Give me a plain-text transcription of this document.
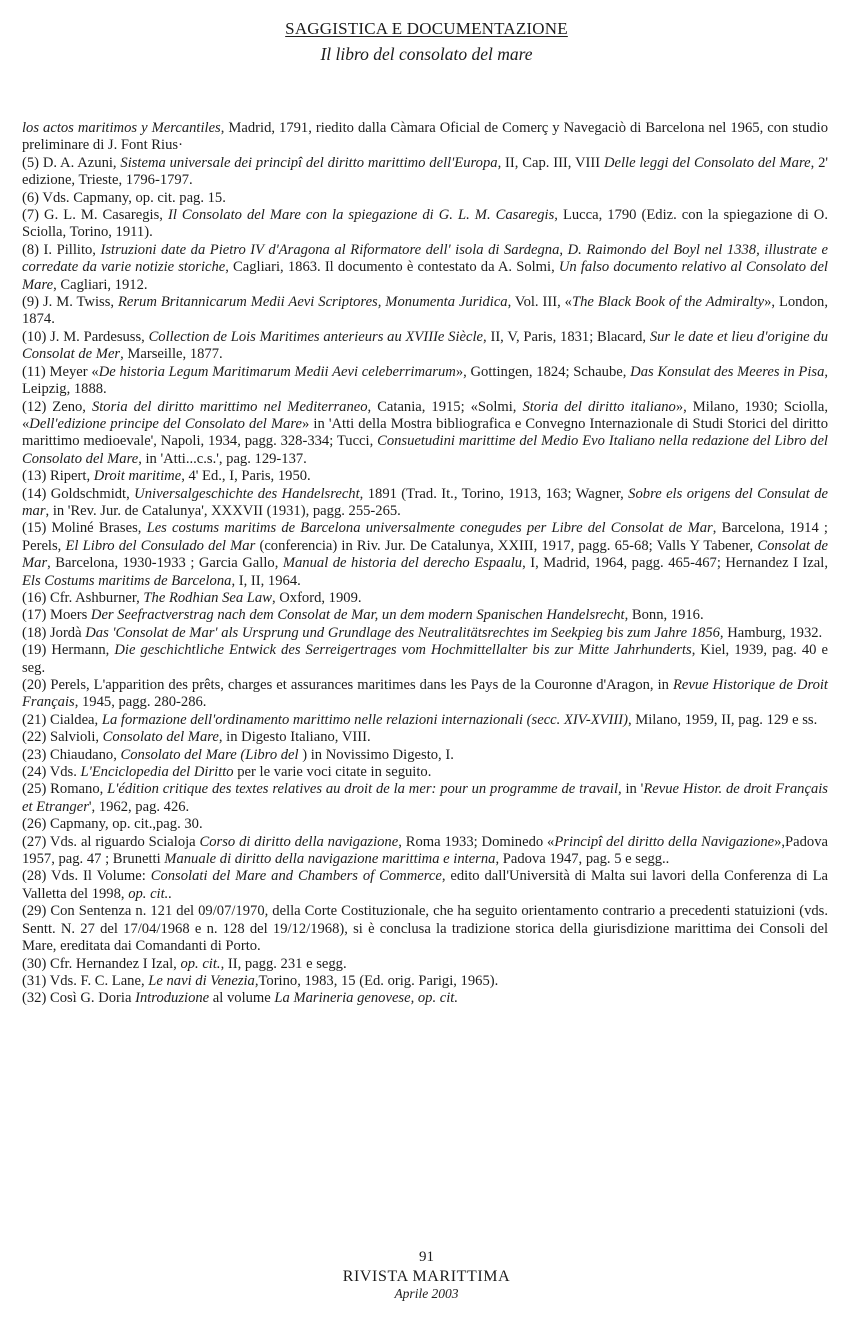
SAGGISTICA E DOCUMENTAZIONE
Il libro del consolato del mare

los actos maritimos y Mercantiles, Madrid, 1791, riedito dalla Càmara Oficial de Comerç y Navegaciò di Barcelona nel 1965, con studio preliminare di J. Font Rius·

(5) D. A. Azuni, Sistema universale dei principî del diritto marittimo dell'Europa, II, Cap. III, VIII Delle leggi del Consolato del Mare, 2' edizione, Trieste, 1796-1797.

(6) Vds. Capmany, op. cit. pag. 15.

(7) G. L. M. Casaregis, Il Consolato del Mare con la spiegazione di G. L. M. Casaregis, Lucca, 1790 (Ediz. con la spiegazione di O. Sciolla, Torino, 1911).

(8) I. Pillito, Istruzioni date da Pietro IV d'Aragona al Riformatore dell' isola di Sardegna, D. Raimondo del Boyl nel 1338, illustrate e corredate da varie notizie storiche, Cagliari, 1863. Il documento è contestato da A. Solmi, Un falso documento relativo al Consolato del Mare, Cagliari, 1912.

(9) J. M. Twiss, Rerum Britannicarum Medii Aevi Scriptores, Monumenta Juridica, Vol. III, «The Black Book of the Admiralty», London, 1874.

(10) J. M. Pardesuss, Collection de Lois Maritimes anterieurs au XVIIIe Siècle, II, V, Paris, 1831; Blacard, Sur le date et lieu d'origine du Consolat de Mer, Marseille, 1877.

(11) Meyer «De historia Legum Maritimarum Medii Aevi celeberrimarum», Gottingen, 1824; Schaube, Das Konsulat des Meeres in Pisa, Leipzig, 1888.

(12) Zeno, Storia del diritto marittimo nel Mediterraneo, Catania, 1915; «Solmi, Storia del diritto italiano», Milano, 1930; Sciolla, «Dell'edizione principe del Consolato del Mare» in 'Atti della Mostra bibliografica e Convegno Internazionale di Studi Storici del diritto marittimo medioevale', Napoli, 1934, pagg. 328-334; Tucci, Consuetudini marittime del Medio Evo Italiano nella redazione del Libro del Consolato del Mare, in 'Atti...c.s.', pag. 129-137.

(13) Ripert, Droit maritime, 4' Ed., I, Paris, 1950.

(14) Goldschmidt, Universalgeschichte des Handelsrecht, 1891 (Trad. It., Torino, 1913, 163; Wagner, Sobre els origens del Consulat de mar, in 'Rev. Jur. de Catalunya', XXXVII (1931), pagg. 255-265.

(15) Moliné Brases, Les costums maritims de Barcelona universalmente conegudes per Libre del Consolat de Mar, Barcelona, 1914 ; Perels, El Libro del Consulado del Mar (conferencia) in Riv. Jur. De Catalunya, XXIII, 1917, pagg. 65-68; Valls Y Tabener, Consolat de Mar, Barcelona, 1930-1933 ; Garcia Gallo, Manual de historia del derecho Espaalu, I, Madrid, 1964, pagg. 465-467; Hernandez I Izal, Els Costums maritims de Barcelona, I, II, 1964.

(16) Cfr. Ashburner, The Rodhian Sea Law, Oxford, 1909.

(17) Moers Der Seefractverstrag nach dem Consolat de Mar, un dem modern Spanischen Handelsrecht, Bonn, 1916.

(18) Jordà Das 'Consolat de Mar' als Ursprung und Grundlage des Neutralitätsrechtes im Seekpieg bis zum Jahre 1856, Hamburg, 1932.

(19) Hermann, Die geschichtliche Entwick des Serreigertrages vom Hochmittellalter bis zur Mitte Jahrhunderts, Kiel, 1939, pag. 40 e seg.

(20) Perels, L'apparition des prêts, charges et assurances maritimes dans les Pays de la Couronne d'Aragon, in Revue Historique de Droit Français, 1945, pagg. 280-286.

(21) Cialdea, La formazione dell'ordinamento marittimo nelle relazioni internazionali (secc. XIV-XVIII), Milano, 1959, II, pag. 129 e ss.

(22) Salvioli, Consolato del Mare, in Digesto Italiano, VIII.

(23) Chiaudano, Consolato del Mare (Libro del ) in Novissimo Digesto, I.

(24) Vds. L'Enciclopedia del Diritto per le varie voci citate in seguito.

(25) Romano, L'édition critique des textes relatives au droit de la mer: pour un programme de travail, in 'Revue Histor. de droit Français et Etranger', 1962, pag. 426.

(26) Capmany, op. cit.,pag. 30.

(27) Vds. al riguardo Scialoja Corso di diritto della navigazione, Roma 1933; Dominedo «Principî del diritto della Navigazione»,Padova 1957, pag. 47 ; Brunetti Manuale di diritto della navigazione marittima e interna, Padova 1947, pag. 5 e segg..

(28) Vds. Il Volume: Consolati del Mare and Chambers of Commerce, edito dall'Università di Malta sui lavori della Conferenza di La Valletta del 1998, op. cit..

(29) Con Sentenza n. 121 del 09/07/1970, della Corte Costituzionale, che ha seguito orientamento contrario a precedenti statuizioni (vds. Sentt. N. 27 del 17/04/1968 e n. 128 del 19/12/1968), si è conclusa la tradizione storica della giurisdizione marittima dei Consoli del Mare, ereditata dai Comandanti di Porto.

(30) Cfr. Hernandez I Izal, op. cit., II, pagg. 231 e segg.

(31) Vds. F. C. Lane, Le navi di Venezia,Torino, 1983, 15 (Ed. orig. Parigi, 1965).

(32) Così G. Doria Introduzione al volume La Marineria genovese, op. cit.

91
RIVISTA MARITTIMA
Aprile 2003
